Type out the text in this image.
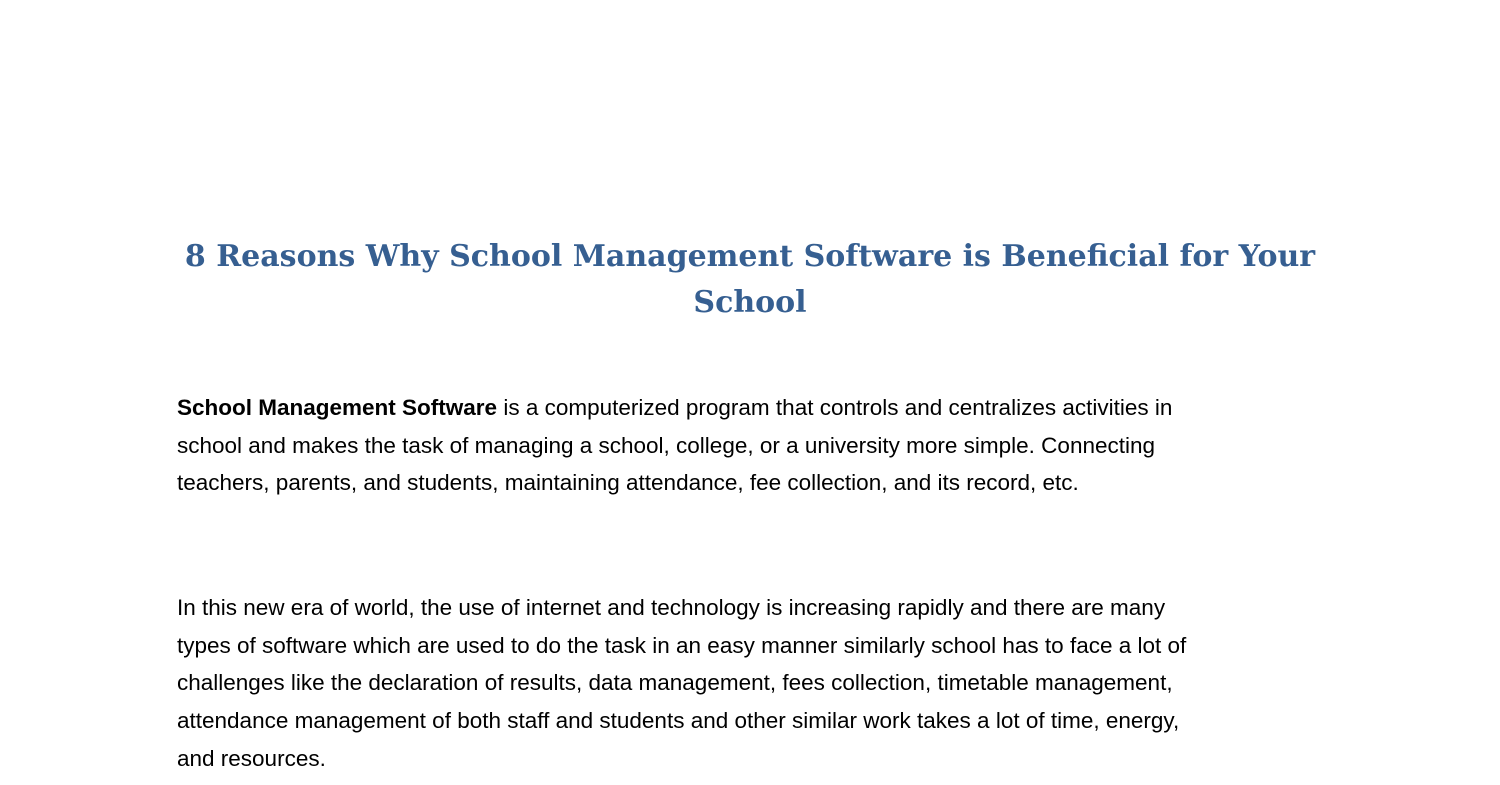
8 Reasons Why School Management Software is Beneficial for Your
School

School Management Software is a computerized program that controls and centralizes activities in
school and makes the task of managing a school, college, or a university more simple. Connecting
teachers, parents, and students, maintaining attendance, fee collection, and its record, etc.

In this new era of world, the use of internet and technology is increasing rapidly and there are many
types of software which are used to do the task in an easy manner similarly school has to face a lot of
challenges like the declaration of results, data management, fees collection, timetable management,
attendance management of both staff and students and other similar work takes a lot of time, energy,
and resources.
